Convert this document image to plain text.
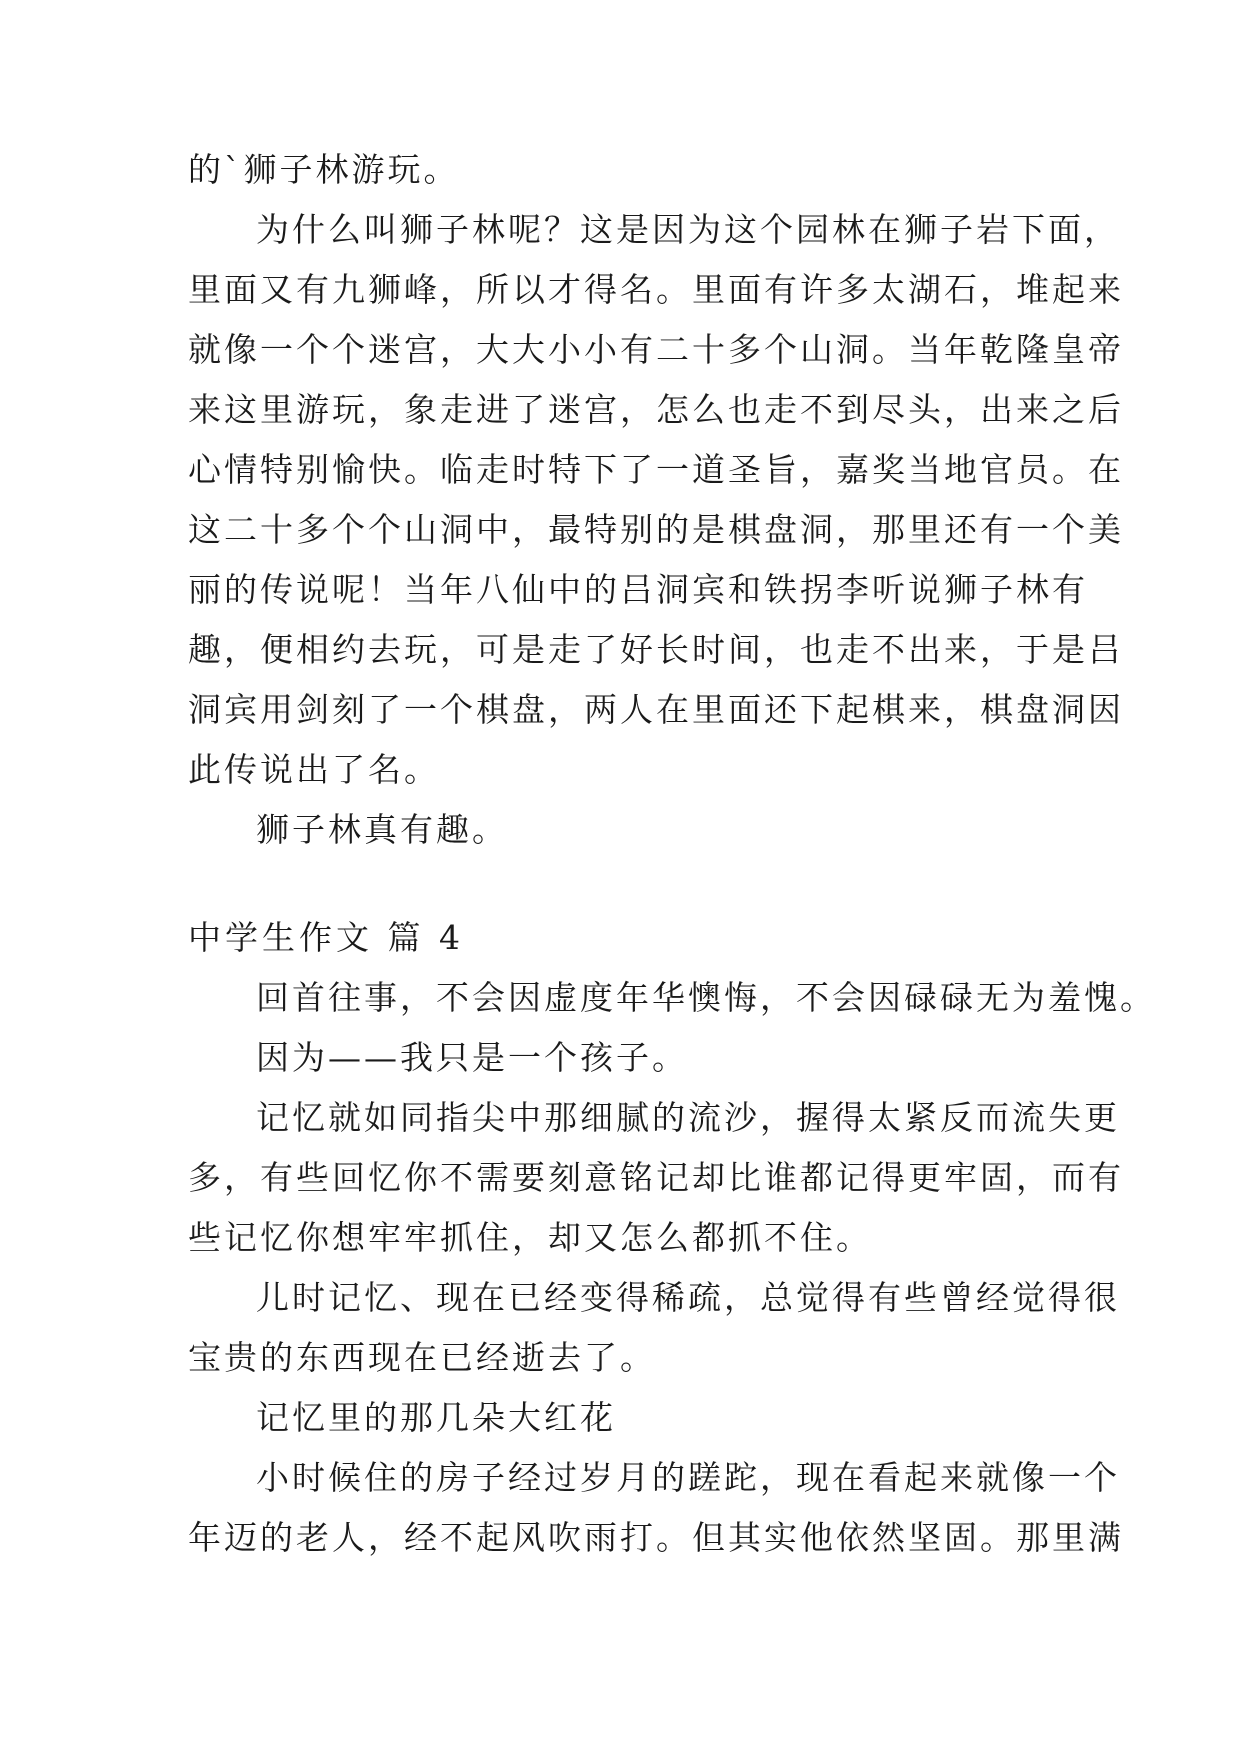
的`狮子林游玩。
为什么叫狮子林呢？这是因为这个园林在狮子岩下面，
里面又有九狮峰，所以才得名。里面有许多太湖石，堆起来
就像一个个迷宫，大大小小有二十多个山洞。当年乾隆皇帝
来这里游玩，象走进了迷宫，怎么也走不到尽头，出来之后
心情特别愉快。临走时特下了一道圣旨，嘉奖当地官员。在
这二十多个个山洞中，最特别的是棋盘洞，那里还有一个美
丽的传说呢！当年八仙中的吕洞宾和铁拐李听说狮子林有
趣，便相约去玩，可是走了好长时间，也走不出来，于是吕
洞宾用剑刻了一个棋盘，两人在里面还下起棋来，棋盘洞因
此传说出了名。
狮子林真有趣。
中学生作文 篇 4
回首往事，不会因虚度年华懊悔，不会因碌碌无为羞愧。
因为——我只是一个孩子。
记忆就如同指尖中那细腻的流沙，握得太紧反而流失更
多，有些回忆你不需要刻意铭记却比谁都记得更牢固，而有
些记忆你想牢牢抓住，却又怎么都抓不住。
儿时记忆、现在已经变得稀疏，总觉得有些曾经觉得很
宝贵的东西现在已经逝去了。
记忆里的那几朵大红花
小时候住的房子经过岁月的蹉跎，现在看起来就像一个
年迈的老人，经不起风吹雨打。但其实他依然坚固。那里满
